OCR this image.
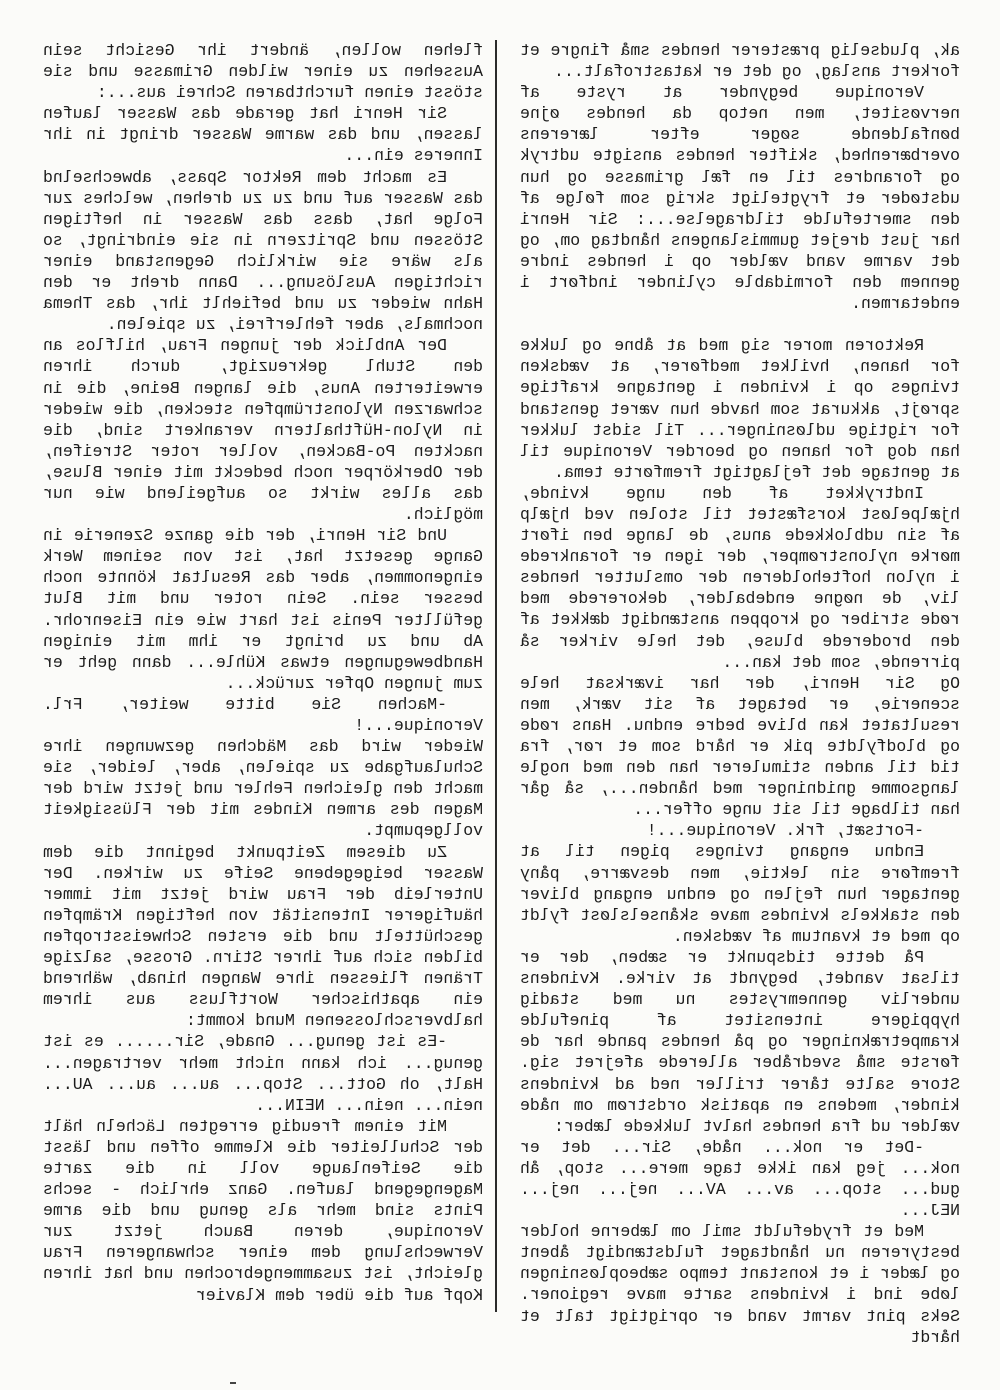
ak, pludselig præsterer hendes små fingre et forkert anslag, og det er katastrofalt...

Veronique begynder at ryste af nervøsitet, men netop da hendes øjne bønfaldende søger efter lærerens overbærenhed, skifter hendes ansigte udtryk og forandres til en fæl grimasse og hun udstøder et frygteligt skrig som følge af den smertefulde tildragelse...: Sir Henri har just drejet gummislangens håndtag om, og det varme vand vælder op i hendes indre gennem den formidable cylinder indført i endetarmen.

Rektoren morer sig med at åbne og lukke for hanen, hvilket medfører, at vædsken tvinges op i kvinden i gentagne kraftige sprøjt, akkurat som havde hun været genstand for rigtige udløsninger... Til sidst lukker han dog for hanen og beorder Veronique til at gentage det fejlagtigt fremførte tema.

Indtrykket af den unge kvinde, hjælpeløst korsfæstet til stolen ved hjælp af sin udblokkede anus, de lange ben iført mørke nylonstrømper, der igen er forankrede i nylon hofteholderen der omslutter hendes liv, de nøgne endebalder, dekorerede med røde striber og kroppen anstændigt dækket af den broderede bluse, det hele virker så pirrende, som det kan...

Og Sir Henri, der har iværksat hele scenerie, er betaget af sit værk, men resultatet kan blive bedre endnu. Hans røde og blodfyldte pik er hård som et rør, fra tid til anden stimulerer han den med nogle langsomme gnidninger med hånden..., så går han tilbage til sit unge offer...

-Fortsæt, frk. Veronique...!

Endnu engang tvinges pigen til at fremføre sin lektie, men desværre, påny gentager hun fejlen og endnu engang bliver den stakkels kvindes mave skånselsløst fyldt op med et kvantum af vædsken.

På dette tidspunkt er sæben, der er tilsat vandet, begyndt at virke. Kvindens underliv gennemrystes nu med stadig hyppigere intensitet af pinefulde krampetrækninger og på hendes pande har de første små svedråber allerede afejret sig. Store salte tårer triller ned ad kvindens kinder, medens en apatisk ordstrøm om nåde vælder ud fra hendes halvt lukkede læber:

-Det er nok... nåde, Sir... det er nok... jeg kan ikke tage mere... stop, åh gud... stop... av... AV... nej... nej... NEJ...

Med et frydefuldt smil om læberne holder bestyreren nu håndtaget fuldstændigt åbent og læder i et konstant tempo sæbeopløsningen løbe ind i kvindens sarte mave regioner. Seks pint varmt vand er oprigtigt talt et hårdt

flehen wollen, ändert ihr Gesicht sein Aussehen zu einer wilden Grimasse und sie stösst einen furchtbaren Schrei aus...:

Sir Henri hat gerade das Wasser laufen lassen, und das warme Wasser dringt in ihr Inneres ein...

Es macht dem Rektor Spass, abwechselnd das Wasser auf und zu zu drehen, welches zur Folge hat, dass das Wasser in heftigen Stössen und Spritzern in sie eindringt, so als wäre sie wirklich Gegenstand einer richtigen Auslösung... Dann dreht er den Hahn wieder zu und befiehlt ihr, das Thema nochmals, aber fehlerfrei, zu spielen.

Der Anblick der jungen Frau, hilflos an den Stuhl gekreuzigt, durch ihren erweiterten Anus, die langen Beine, die in schwarzen Nylonstrümpfen stecken, die wieder in Nylon-Hüfthaltern verankert sind, die nackten Po-Backen, voller roter Streifen, der Oberkörper noch bedeckt mit einer Bluse, das alles wirkt so aufgeilend wie nur möglich.

Und Sir Henri, der die ganze Szenerie in Gange gesetzt hat, ist von seinem Werk eingenommen, aber das Resultat könnte noch besser sein. Sein roter und mit Blut gefüllter Penis ist hart wie ein Eisenrohr. Ab und zu bringt er ihm mit einigen Handbewegungen etwas Kühle... dann geht er zum jungen Opfer zurück...

-Machen Sie bitte weiter, Frl. Veronique...!

Wieder wird das Mädchen gezwungen ihre Schulaufgabe zu spielen, aber, leider, sie macht den gleichen Fehler und jetzt wird der Magen des armen Kindes mit der Flüssigkeit vollgepumpt.

Zu diesem Zeitpunkt beginnt die dem Wasser beigegebene Seife zu wirken. Der Unterleib der Frau wird jetzt mit immer häufigerer Intensität von heftigen Krämpfen geschüttelt und die ersten Schweisstropfen bilden sich auf ihrer Stirn. Grosse, salzige Tränen fliessen ihre Wangen hinab, während ein apathischer Wortfluss aus ihrem halbverschlossenen Mund kommt:

-Es ist genug... Gnade, Sir...... es ist genug... ich kann nicht mehr vertragen... Halt, oh Gott... Stop... au... au... AU... nein... nein... NEIN...

Mit einem freudig erregten Lächeln hält der Schulleiter die Klemme offen und lässt die Seifenlauge voll in die zarte Magengegend laufen. Ganz ehrlich - sechs Pints sind mehr als genug und die arme Veronique, deren Bauch jetzt zur Verwechslung dem einer schwangeren Frau gleicht, ist zusammengebrochen und hat ihren Kopf auf die über dem Klavier
